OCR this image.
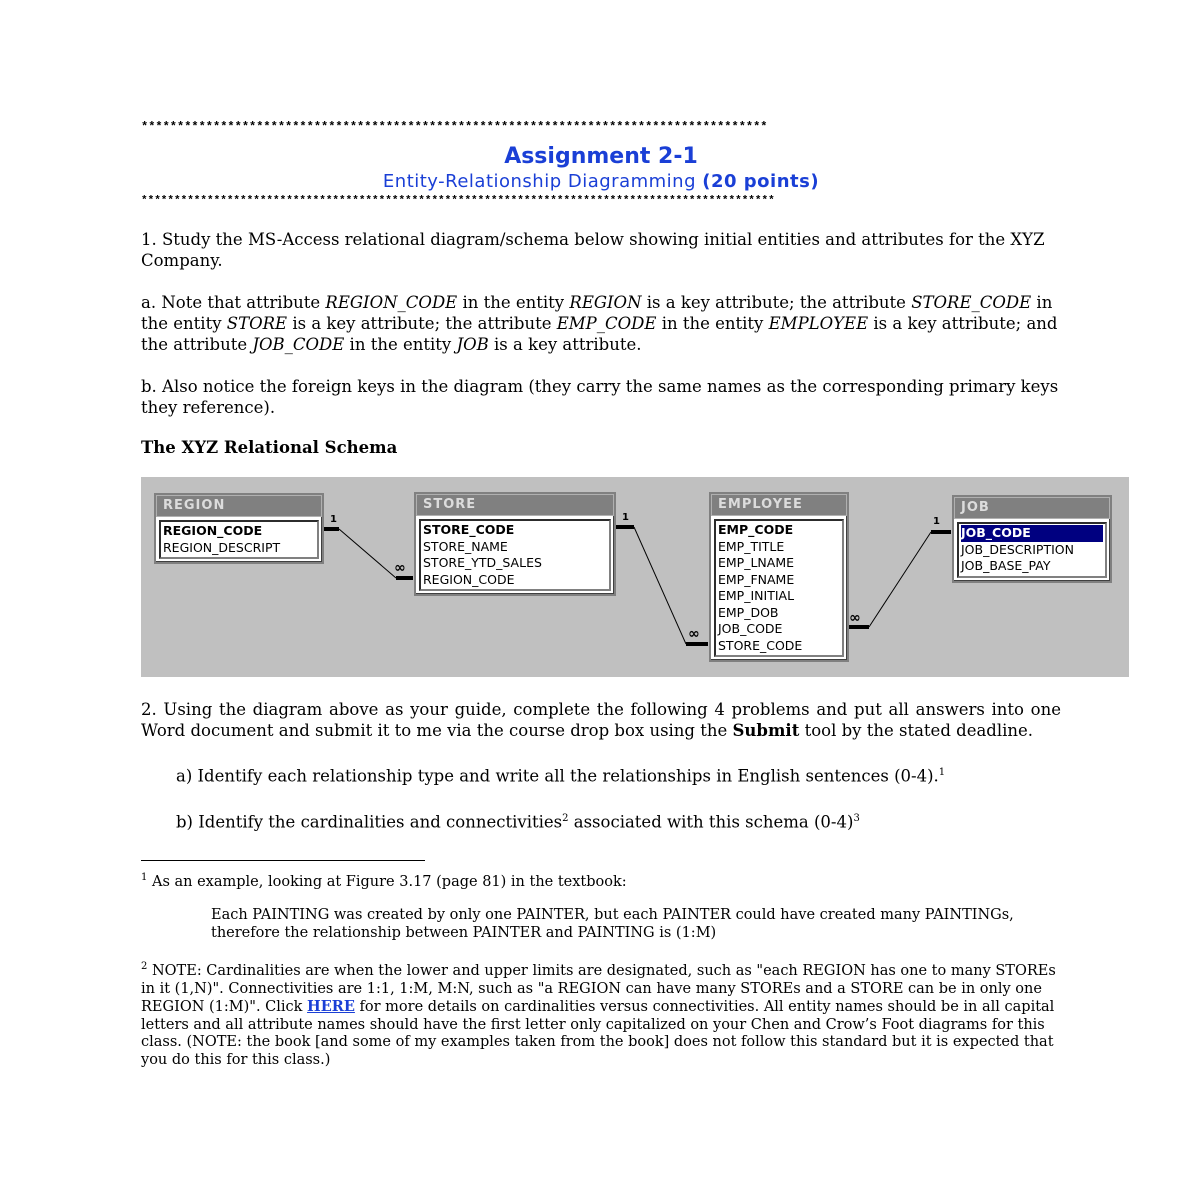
***************************************************************************************
Assignment 2-1
Entity-Relationship Diagramming (20 points)
************************************************************************************************

1. Study the MS-Access relational diagram/schema below showing initial entities and attributes for the XYZ Company.

a. Note that attribute REGION_CODE in the entity REGION is a key attribute; the attribute STORE_CODE in the entity STORE is a key attribute; the attribute EMP_CODE in the entity EMPLOYEE is a key attribute; and the attribute JOB_CODE in the entity JOB is a key attribute.

b. Also notice the foreign keys in the diagram (they carry the same names as the corresponding primary keys they reference).

The XYZ Relational Schema
1
∞
1
∞
∞
1
REGION
REGION_CODE
REGION_DESCRIPT
STORE
STORE_CODE
STORE_NAME
STORE_YTD_SALES
REGION_CODE
EMPLOYEE
EMP_CODE
EMP_TITLE
EMP_LNAME
EMP_FNAME
EMP_INITIAL
EMP_DOB
JOB_CODE
STORE_CODE
JOB
JOB_CODE
JOB_DESCRIPTION
JOB_BASE_PAY

2. Using the diagram above as your guide, complete the following 4 problems and put all answers into one Word document and submit it to me via the course drop box using the Submit tool by the stated deadline.

a) Identify each relationship type and write all the relationships in English sentences (0-4).$^1$

b) Identify the cardinalities and connectivities$^2$ associated with this schema $(0-4)^3$

$^1$ As an example, looking at Figure 3.17 (page 81) in the textbook:
Each PAINTING was created by only one PAINTER, but each PAINTER could have created many PAINTINGs, therefore the relationship between PAINTER and PAINTING is (1:M)
$^2$ NOTE: Cardinalities are when the lower and upper limits are designated, such as "each REGION has one to many STOREs in it (1,N)". Connectivities are 1:1, 1:M, M:N, such as "a REGION can have many STOREs and a STORE can be in only one REGION (1:M)". Click HERE for more details on cardinalities versus connectivities. All entity names should be in all capital letters and all attribute names should have the first letter only capitalized on your Chen and Crow’s Foot diagrams for this class. (NOTE: the book [and some of my examples taken from the book] does not follow this standard but it is expected that you do this for this class.)
